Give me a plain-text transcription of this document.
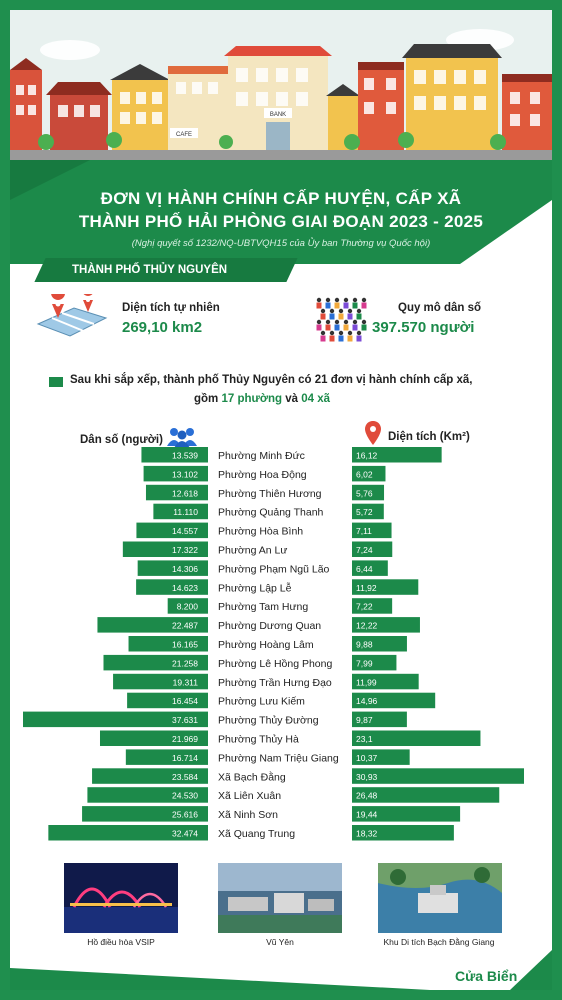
CAFE
BANK
ĐƠN VỊ HÀNH CHÍNH CẤP HUYỆN, CẤP XÃ
THÀNH PHỐ HẢI PHÒNG GIAI ĐOẠN 2023 - 2025
(Nghị quyết số 1232/NQ-UBTVQH15 của Ủy ban Thường vụ Quốc hội)
THÀNH PHỐ THỦY NGUYÊN
Diện tích tự nhiên
269,10 km2
Quy mô dân số
397.570 người
Sau khi sắp xếp, thành phố Thủy Nguyên có 21 đơn vị hành chính cấp xã,
gồm 17 phường và 04 xã
Dân số (người)	Diện tích (Km²)
13.539 Phường Minh Đức	16,12
13.102 Phường Hoa Động	6,02
12.618 Phường Thiên Hương	5,76
11.110 Phường Quảng Thanh	5,72
14.557 Phường Hòa Bình	7,11
17.322 Phường An Lư	7,24
14.306 Phường Phạm Ngũ Lão	6,44
14.623 Phường Lập Lễ	11,92
8.200 Phường Tam Hưng	7,22
22.487 Phường Dương Quan	12,22
16.165 Phường Hoàng Lâm	9,88
21.258 Phường Lê Hồng Phong	7,99
19.311 Phường Trần Hưng Đạo	11,99
16.454 Phường Lưu Kiếm	14,96
37.631 Phường Thủy Đường	9,87
21.969 Phường Thủy Hà	23,1
16.714 Phường Nam Triệu Giang 10,37
23.584 Xã Bạch Đằng	30,93
24.530 Xã Liên Xuân	26,48
25.616 Xã Ninh Sơn	19,44
32.474 Xã Quang Trung	18,32
Hồ điều hòa VSIP	Vũ Yên	Khu Di tích Bạch Đằng Giang
Cửa Biển
